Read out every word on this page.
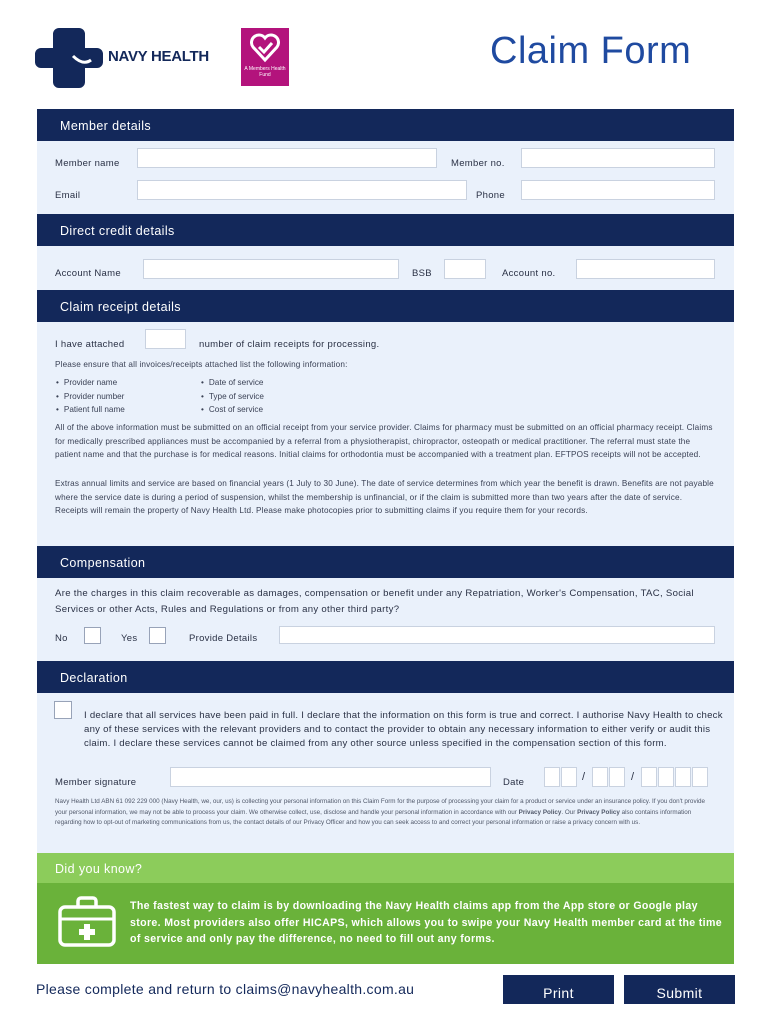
NAVY HEALTH
A Members Health Fund
Claim Form
Member details
Member name	Member no.
Email	Phone
Direct credit details
Account Name	BSB	Account no.
Claim receipt details
I have attached	number of claim receipts for processing.
Please ensure that all invoices/receipts attached list the following information:
• Provider name
• Provider number
• Patient full name
• Date of service
• Type of service
• Cost of service
All of the above information must be submitted on an official receipt from your service provider. Claims for pharmacy must be submitted on an official pharmacy receipt. Claims for medically prescribed appliances must be accompanied by a referral from a physiotherapist, chiropractor, osteopath or medical practitioner. The referral must state the patient name and that the purchase is for medical reasons. Initial claims for orthodontia must be accompanied with a treatment plan. EFTPOS receipts will not be accepted.
Extras annual limits and service are based on financial years (1 July to 30 June). The date of service determines from which year the benefit is drawn. Benefits are not payable where the service date is during a period of suspension, whilst the membership is unfinancial, or if the claim is submitted more than two years after the date of service. Receipts will remain the property of Navy Health Ltd. Please make photocopies prior to submitting claims if you require them for your records.
Compensation
Are the charges in this claim recoverable as damages, compensation or benefit under any Repatriation, Worker's Compensation, TAC, Social Services or other Acts, Rules and Regulations or from any other third party?
No	Yes	Provide Details
Declaration
I declare that all services have been paid in full. I declare that the information on this form is true and correct. I authorise Navy Health to check any of these services with the relevant providers and to contact the provider to obtain any necessary information to either verify or audit this claim. I declare these services cannot be claimed from any other source unless specified in the compensation section of this form.
Member signature	Date	/	/
Navy Health Ltd ABN 61 092 229 000 (Navy Health, we, our, us) is collecting your personal information on this Claim Form for the purpose of processing your claim for a product or service under an insurance policy. If you don't provide your personal information, we may not be able to process your claim. We otherwise collect, use, disclose and handle your personal information in accordance with our Privacy Policy. Our Privacy Policy also contains information regarding how to opt-out of marketing communications from us, the contact details of our Privacy Officer and how you can seek access to and correct your personal information or raise a privacy concern with us.
Did you know?
The fastest way to claim is by downloading the Navy Health claims app from the App store or Google play store. Most providers also offer HICAPS, which allows you to swipe your Navy Health member card at the time of service and only pay the difference, no need to fill out any forms.
Please complete and return to claims@navyhealth.com.au	Print	Submit
